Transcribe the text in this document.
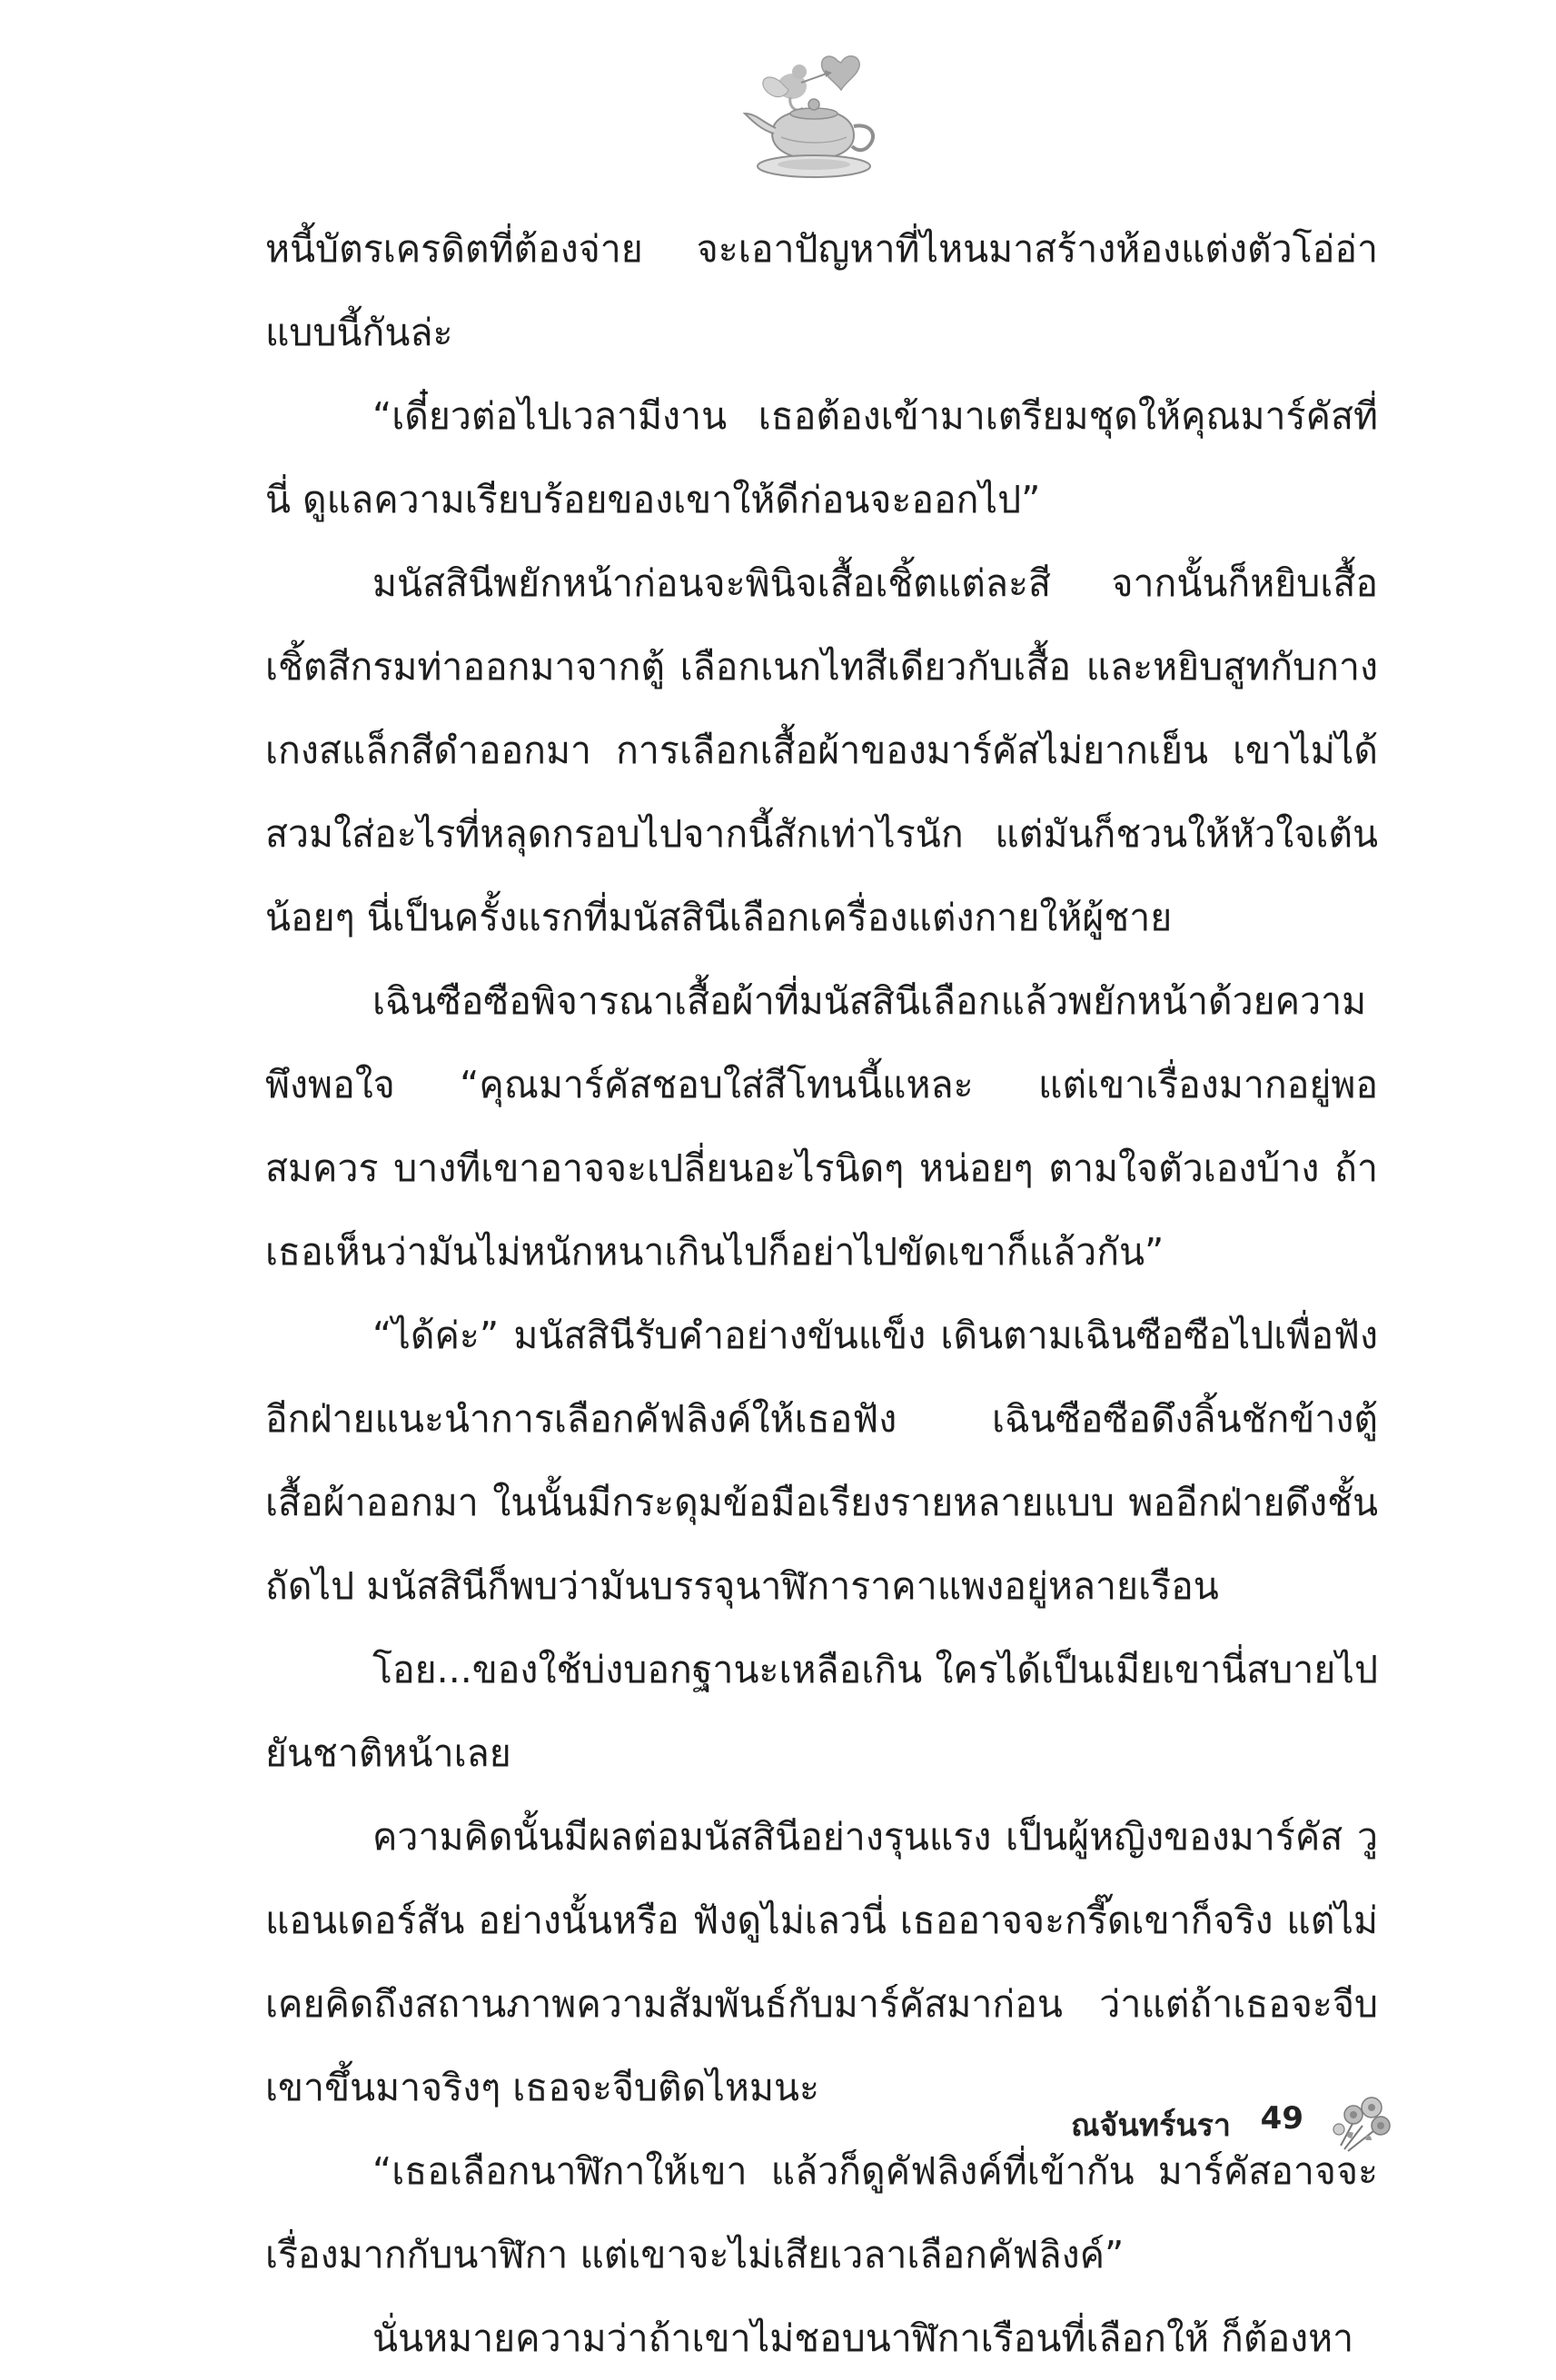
หนี้บัตรเครดิตที่ต้องจ่าย จะเอาปัญหาที่ไหนมาสร้างห้องแต่งตัวโอ่อ่าแบบนี้กันล่ะ

“เดี๋ยวต่อไปเวลามีงาน เธอต้องเข้ามาเตรียมชุดให้คุณมาร์คัสที่นี่ ดูแลความเรียบร้อยของเขาให้ดีก่อนจะออกไป”

มนัสสินีพยักหน้าก่อนจะพินิจเสื้อเชิ้ตแต่ละสี จากนั้นก็หยิบเสื้อเชิ้ตสีกรมท่าออกมาจากตู้ เลือกเนกไทสีเดียวกับเสื้อ และหยิบสูทกับกางเกงสแล็กสีดำออกมา การเลือกเสื้อผ้าของมาร์คัสไม่ยากเย็น เขาไม่ได้สวมใส่อะไรที่หลุดกรอบไปจากนี้สักเท่าไรนัก แต่มันก็ชวนให้หัวใจเต้นน้อยๆ นี่เป็นครั้งแรกที่มนัสสินีเลือกเครื่องแต่งกายให้ผู้ชาย

เฉินซือซือพิจารณาเสื้อผ้าที่มนัสสินีเลือกแล้วพยักหน้าด้วยความพึงพอใจ “คุณมาร์คัสชอบใส่สีโทนนี้แหละ แต่เขาเรื่องมากอยู่พอสมควร บางทีเขาอาจจะเปลี่ยนอะไรนิดๆ หน่อยๆ ตามใจตัวเองบ้าง ถ้าเธอเห็นว่ามันไม่หนักหนาเกินไปก็อย่าไปขัดเขาก็แล้วกัน”

“ได้ค่ะ” มนัสสินีรับคำอย่างขันแข็ง เดินตามเฉินซือซือไปเพื่อฟังอีกฝ่ายแนะนำการเลือกคัฟลิงค์ให้เธอฟัง เฉินซือซือดึงลิ้นชักข้างตู้เสื้อผ้าออกมา ในนั้นมีกระดุมข้อมือเรียงรายหลายแบบ พออีกฝ่ายดึงชั้นถัดไป มนัสสินีก็พบว่ามันบรรจุนาฬิการาคาแพงอยู่หลายเรือน

โอย...ของใช้บ่งบอกฐานะเหลือเกิน ใครได้เป็นเมียเขานี่สบายไปยันชาติหน้าเลย

ความคิดนั้นมีผลต่อมนัสสินีอย่างรุนแรง เป็นผู้หญิงของมาร์คัส วู แอนเดอร์สัน อย่างนั้นหรือ ฟังดูไม่เลวนี่ เธออาจจะกรี๊ดเขาก็จริง แต่ไม่เคยคิดถึงสถานภาพความสัมพันธ์กับมาร์คัสมาก่อน ว่าแต่ถ้าเธอจะจีบเขาขึ้นมาจริงๆ เธอจะจีบติดไหมนะ

“เธอเลือกนาฬิกาให้เขา แล้วก็ดูคัฟลิงค์ที่เข้ากัน มาร์คัสอาจจะเรื่องมากกับนาฬิกา แต่เขาจะไม่เสียเวลาเลือกคัฟลิงค์”

นั่นหมายความว่าถ้าเขาไม่ชอบนาฬิกาเรือนที่เลือกให้ ก็ต้องหา

ณจันทร์นรา 49
